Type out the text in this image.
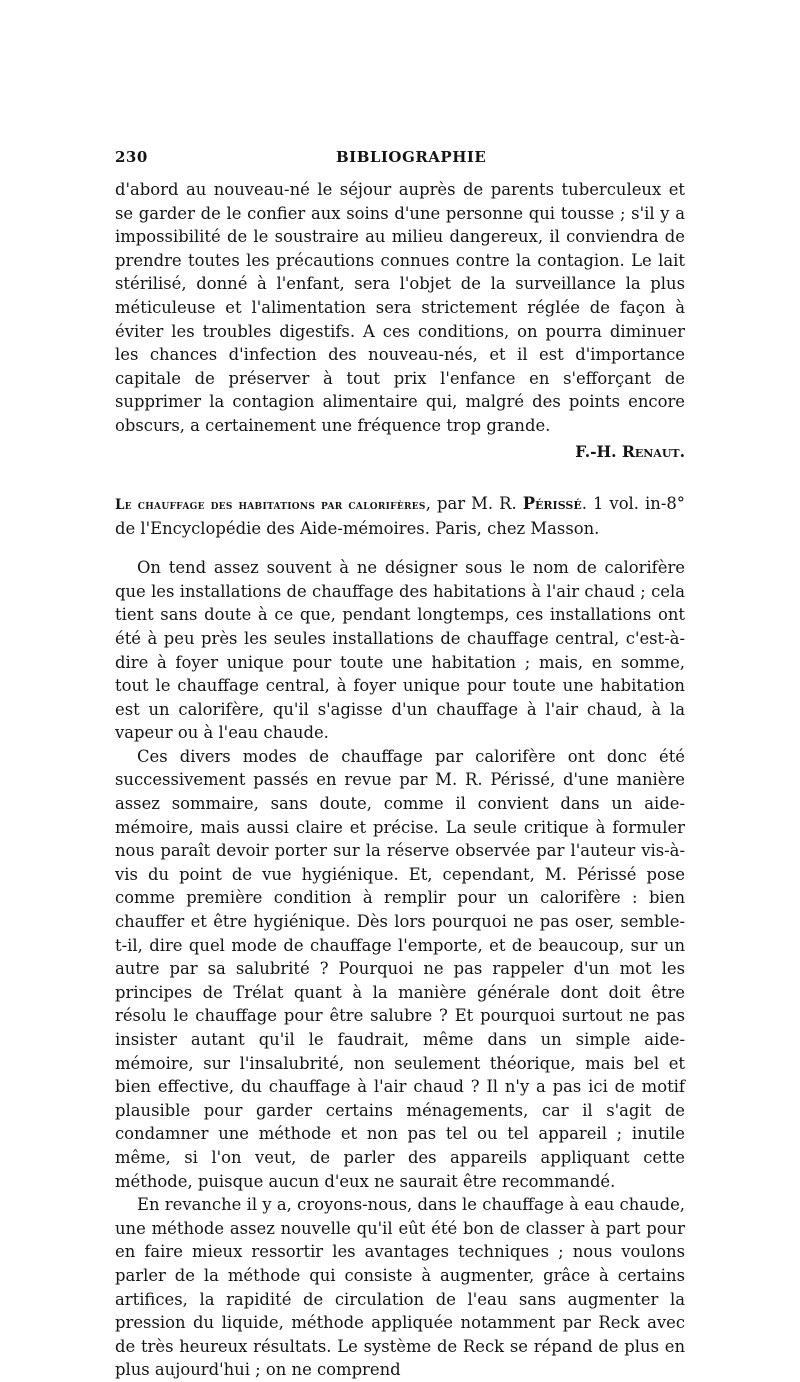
230	BIBLIOGRAPHIE

d'abord au nouveau-né le séjour auprès de parents tuberculeux et se garder de le confier aux soins d'une personne qui tousse ; s'il y a impossibilité de le soustraire au milieu dangereux, il conviendra de prendre toutes les précautions connues contre la contagion. Le lait stérilisé, donné à l'enfant, sera l'objet de la surveillance la plus méticuleuse et l'alimentation sera strictement réglée de façon à éviter les troubles digestifs. A ces conditions, on pourra diminuer les chances d'infection des nouveau-nés, et il est d'importance capitale de préserver à tout prix l'enfance en s'efforçant de supprimer la contagion alimentaire qui, malgré des points encore obscurs, a certainement une fréquence trop grande.

F.-H. Renaut.

Le chauffage des habitations par calorifères, par M. R. Périssé. 1 vol. in-8° de l'Encyclopédie des Aide-mémoires. Paris, chez Masson.

On tend assez souvent à ne désigner sous le nom de calorifère que les installations de chauffage des habitations à l'air chaud ; cela tient sans doute à ce que, pendant longtemps, ces installations ont été à peu près les seules installations de chauffage central, c'est-à-dire à foyer unique pour toute une habitation ; mais, en somme, tout le chauffage central, à foyer unique pour toute une habitation est un calorifère, qu'il s'agisse d'un chauffage à l'air chaud, à la vapeur ou à l'eau chaude.

Ces divers modes de chauffage par calorifère ont donc été successivement passés en revue par M. R. Périssé, d'une manière assez sommaire, sans doute, comme il convient dans un aide-mémoire, mais aussi claire et précise. La seule critique à formuler nous paraît devoir porter sur la réserve observée par l'auteur vis-à-vis du point de vue hygiénique. Et, cependant, M. Périssé pose comme première condition à remplir pour un calorifère : bien chauffer et être hygiénique. Dès lors pourquoi ne pas oser, semble-t-il, dire quel mode de chauffage l'emporte, et de beaucoup, sur un autre par sa salubrité ? Pourquoi ne pas rappeler d'un mot les principes de Trélat quant à la manière générale dont doit être résolu le chauffage pour être salubre ? Et pourquoi surtout ne pas insister autant qu'il le faudrait, même dans un simple aide-mémoire, sur l'insalubrité, non seulement théorique, mais bel et bien effective, du chauffage à l'air chaud ? Il n'y a pas ici de motif plausible pour garder certains ménagements, car il s'agit de condamner une méthode et non pas tel ou tel appareil ; inutile même, si l'on veut, de parler des appareils appliquant cette méthode, puisque aucun d'eux ne saurait être recommandé.

En revanche il y a, croyons-nous, dans le chauffage à eau chaude, une méthode assez nouvelle qu'il eût été bon de classer à part pour en faire mieux ressortir les avantages techniques ; nous voulons parler de la méthode qui consiste à augmenter, grâce à certains artifices, la rapidité de circulation de l'eau sans augmenter la pression du liquide, méthode appliquée notamment par Reck avec de très heureux résultats. Le système de Reck se répand de plus en plus aujourd'hui ; on ne comprend
